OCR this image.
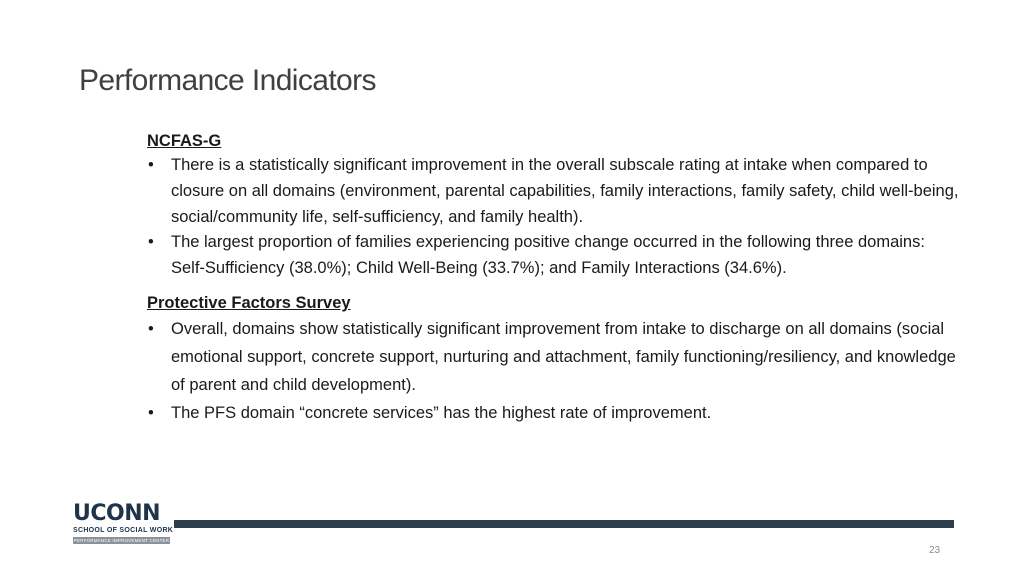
Performance Indicators

NCFAS-G

• There is a statistically significant improvement in the overall subscale rating at intake when compared to closure on all domains (environment, parental capabilities, family interactions, family safety, child well-being, social/community life, self-sufficiency, and family health).
• The largest proportion of families experiencing positive change occurred in the following three domains: Self-Sufficiency (38.0%); Child Well-Being (33.7%); and Family Interactions (34.6%).

Protective Factors Survey

• Overall, domains show statistically significant improvement from intake to discharge on all domains (social emotional support, concrete support, nurturing and attachment, family functioning/resiliency, and knowledge of parent and child development).
• The PFS domain “concrete services” has the highest rate of improvement.
UCONN
SCHOOL OF SOCIAL WORK
PERFORMANCE IMPROVEMENT CENTER
23
